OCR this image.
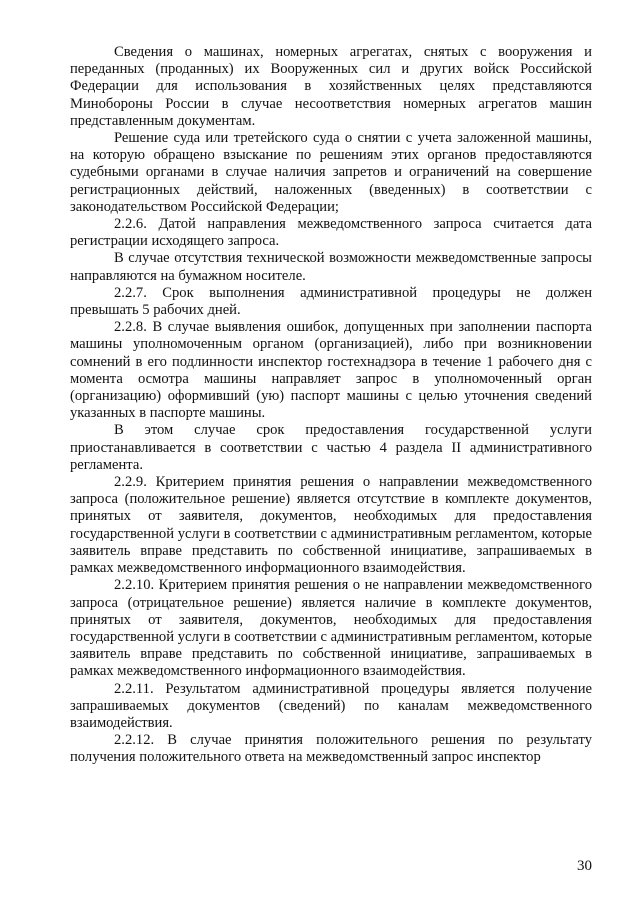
Сведения о машинах, номерных агрегатах, снятых с вооружения и переданных (проданных) их Вооруженных сил и других войск Российской Федерации для использования в хозяйственных целях представляются Минобороны России в случае несоответствия номерных агрегатов машин представленным документам.

Решение суда или третейского суда о снятии с учета заложенной машины, на которую обращено взыскание по решениям этих органов предоставляются судебными органами в случае наличия запретов и ограничений на совершение регистрационных действий, наложенных (введенных) в соответствии с законодательством Российской Федерации;

2.2.6. Датой направления межведомственного запроса считается дата регистрации исходящего запроса.

В случае отсутствия технической возможности межведомственные запросы направляются на бумажном носителе.

2.2.7. Срок выполнения административной процедуры не должен превышать 5 рабочих дней.

2.2.8. В случае выявления ошибок, допущенных при заполнении паспорта машины уполномоченным органом (организацией), либо при возникновении сомнений в его подлинности инспектор гостехнадзора в течение 1 рабочего дня с момента осмотра машины направляет запрос в уполномоченный орган (организацию) оформивший (ую) паспорт машины с целью уточнения сведений указанных в паспорте машины.

В этом случае срок предоставления государственной услуги приостанавливается в соответствии с частью 4 раздела II административного регламента.

2.2.9. Критерием принятия решения о направлении межведомственного запроса (положительное решение) является отсутствие в комплекте документов, принятых от заявителя, документов, необходимых для предоставления государственной услуги в соответствии с административным регламентом, которые заявитель вправе представить по собственной инициативе, запрашиваемых в рамках межведомственного информационного взаимодействия.

2.2.10. Критерием принятия решения о не направлении межведомственного запроса (отрицательное решение) является наличие в комплекте документов, принятых от заявителя, документов, необходимых для предоставления государственной услуги в соответствии с административным регламентом, которые заявитель вправе представить по собственной инициативе, запрашиваемых в рамках межведомственного информационного взаимодействия.

2.2.11. Результатом административной процедуры является получение запрашиваемых документов (сведений) по каналам межведомственного взаимодействия.

2.2.12. В случае принятия положительного решения по результату получения положительного ответа на межведомственный запрос инспектор

30
